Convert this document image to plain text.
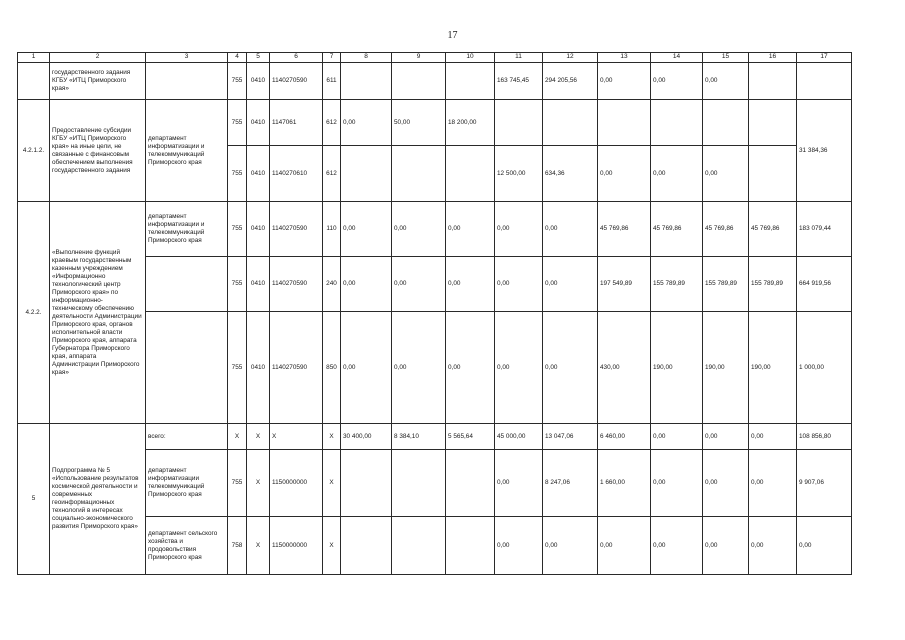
17
1	2	3	4	5	6	7	8	9	10	11	12	13	14	15	16	17
	государственного задания КГБУ «ИТЦ Приморского края»		755	0410	1140270590	611				163 745,45	294 205,56	0,00	0,00	0,00		
4.2.1.2.	Предоставление субсидии КГБУ «ИТЦ Приморского края» на иные цели, не связанные с финансовым обеспечением выполнения государственного задания	департамент информатизации и телекоммуникаций Приморского края	755	0410	1147061	612	0,00	50,00	18 200,00							31 384,36
			755	0410	1140270610	612				12 500,00	634,36	0,00	0,00	0,00		
4.2.2.	«Выполнение функций краевым государственным казенным учреждением «Информационно технологический центр Приморского края» по информационно-техническому обеспечению деятельности Администрации Приморского края, органов исполнительной власти Приморского края, аппарата Губернатора Приморского края, аппарата Администрации Приморского края»	департамент информатизации и телекоммуникаций Приморского края	755	0410	1140270590	110	0,00	0,00	0,00	0,00	0,00	45 769,86	45 769,86	45 769,86	45 769,86	183 079,44
			755	0410	1140270590	240	0,00	0,00	0,00	0,00	0,00	197 549,89	155 789,89	155 789,89	155 789,89	664 919,56
			755	0410	1140270590	850	0,00	0,00	0,00	0,00	0,00	430,00	190,00	190,00	190,00	1 000,00
5	Подпрограмма № 5 «Использование результатов космической деятельности и современных геоинформационных технологий в интересах социально-экономического развития Приморского края»	всего:	X	X	X	X	30 400,00	8 384,10	5 565,64	45 000,00	13 047,06	6 460,00	0,00	0,00	0,00	108 856,80
		департамент информатизации телекоммуникаций Приморского края	755	X	1150000000	X				0,00	8 247,06	1 660,00	0,00	0,00	0,00	9 907,06
		департамент сельского хозяйства и продовольствия Приморского края	758	X	1150000000	X				0,00	0,00	0,00	0,00	0,00	0,00	0,00
